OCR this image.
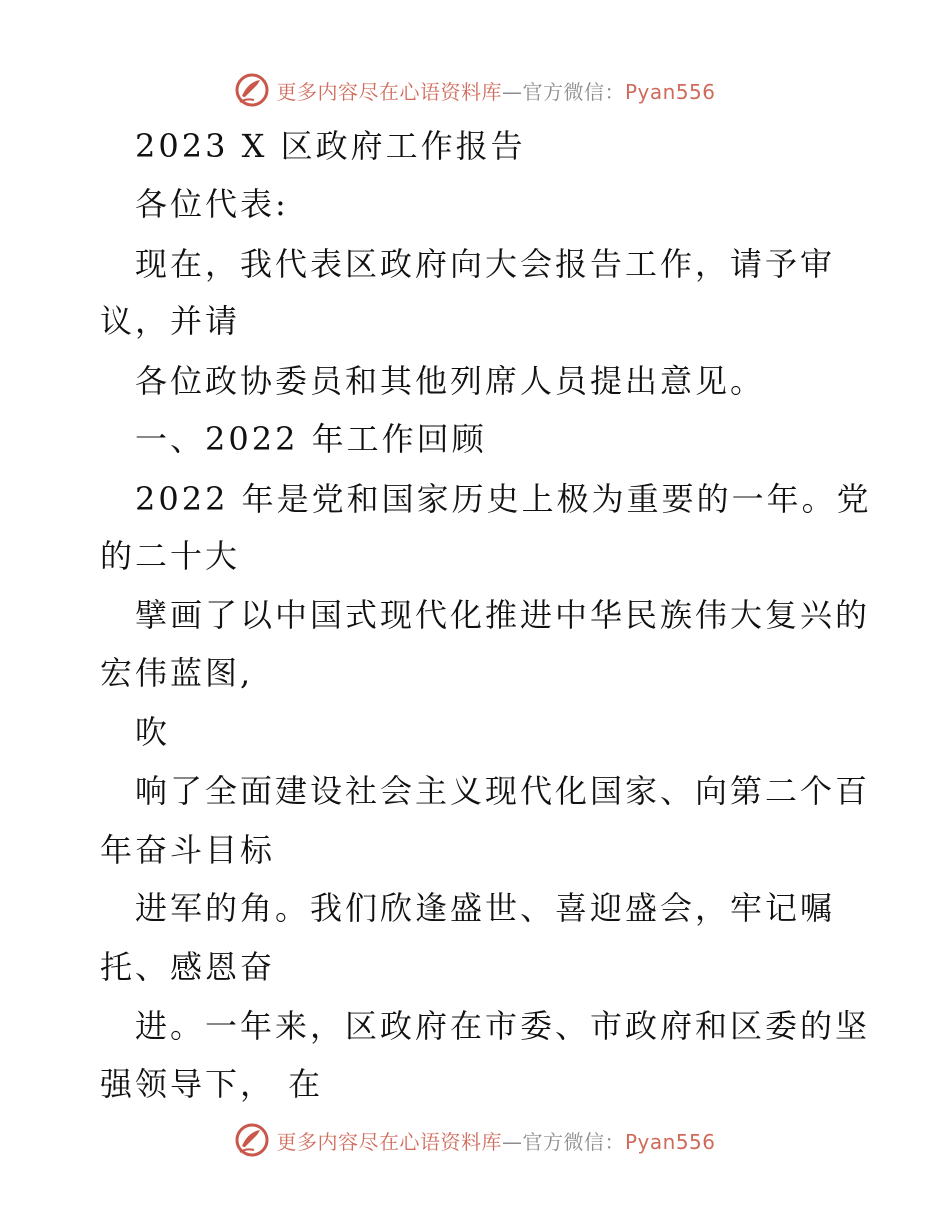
更多内容尽在心语资料库—官方微信：Pyan556
2023 X 区政府工作报告
各位代表:
现在，我代表区政府向大会报告工作，请予审
议，并请
各位政协委员和其他列席人员提出意见。
一、2022 年工作回顾
2022 年是党和国家历史上极为重要的一年。党
的二十大
擘画了以中国式现代化推进中华民族伟大复兴的
宏伟蓝图,
吹
响了全面建设社会主义现代化国家、向第二个百
年奋斗目标
进军的角。我们欣逢盛世、喜迎盛会，牢记嘱
托、感恩奋
进。一年来，区政府在市委、市政府和区委的坚
强领导下， 在
更多内容尽在心语资料库—官方微信：Pyan556
